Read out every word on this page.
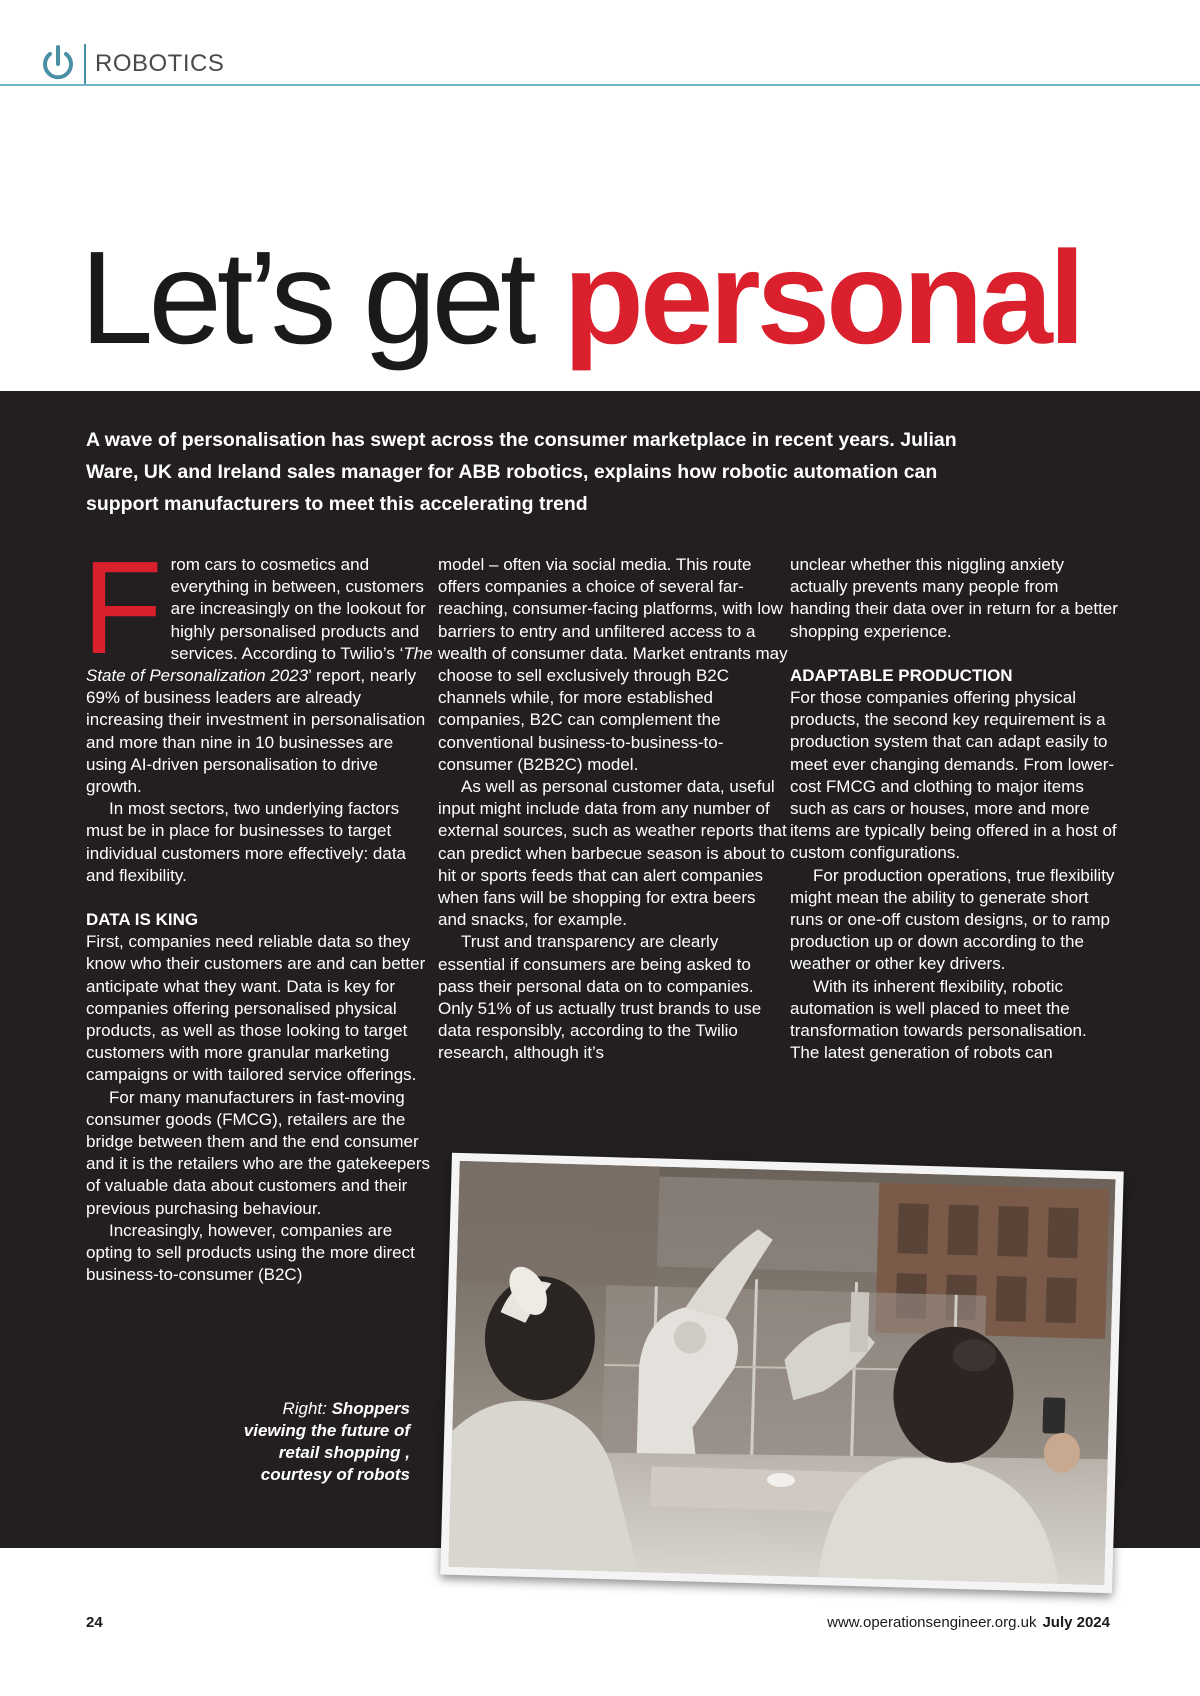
ROBOTICS
Let’s get personal

A wave of personalisation has swept across the consumer marketplace in recent years. Julian Ware, UK and Ireland sales manager for ABB robotics, explains how robotic automation can support manufacturers to meet this accelerating trend

From cars to cosmetics and everything in between, customers are increasingly on the lookout for highly personalised products and services. According to Twilio’s ‘The State of Personalization 2023’ report, nearly 69% of business leaders are already increasing their investment in personalisation and more than nine in 10 businesses are using AI-driven personalisation to drive growth.

In most sectors, two underlying factors must be in place for businesses to target individual customers more effectively: data and flexibility.

DATA IS KING

First, companies need reliable data so they know who their customers are and can better anticipate what they want. Data is key for companies offering personalised physical products, as well as those looking to target customers with more granular marketing campaigns or with tailored service offerings.

For many manufacturers in fast-moving consumer goods (FMCG), retailers are the bridge between them and the end consumer and it is the retailers who are the gatekeepers of valuable data about customers and their previous purchasing behaviour.

Increasingly, however, companies are opting to sell products using the more direct business-to-consumer (B2C)

model – often via social media. This route offers companies a choice of several far-reaching, consumer-facing platforms, with low barriers to entry and unfiltered access to a wealth of consumer data. Market entrants may choose to sell exclusively through B2C channels while, for more established companies, B2C can complement the conventional business-to-business-to-consumer (B2B2C) model.

As well as personal customer data, useful input might include data from any number of external sources, such as weather reports that can predict when barbecue season is about to hit or sports feeds that can alert companies when fans will be shopping for extra beers and snacks, for example.

Trust and transparency are clearly essential if consumers are being asked to pass their personal data on to companies. Only 51% of us actually trust brands to use data responsibly, according to the Twilio research, although it’s

unclear whether this niggling anxiety actually prevents many people from handing their data over in return for a better shopping experience.

ADAPTABLE PRODUCTION

For those companies offering physical products, the second key requirement is a production system that can adapt easily to meet ever changing demands. From lower-cost FMCG and clothing to major items such as cars or houses, more and more items are typically being offered in a host of custom configurations.

For production operations, true flexibility might mean the ability to generate short runs or one-off custom designs, or to ramp production up or down according to the weather or other key drivers.

With its inherent flexibility, robotic automation is well placed to meet the transformation towards personalisation. The latest generation of robots can

Right: Shoppers viewing the future of retail shopping , courtesy of robots
24	www.operationsengineer.org.uk July 2024
